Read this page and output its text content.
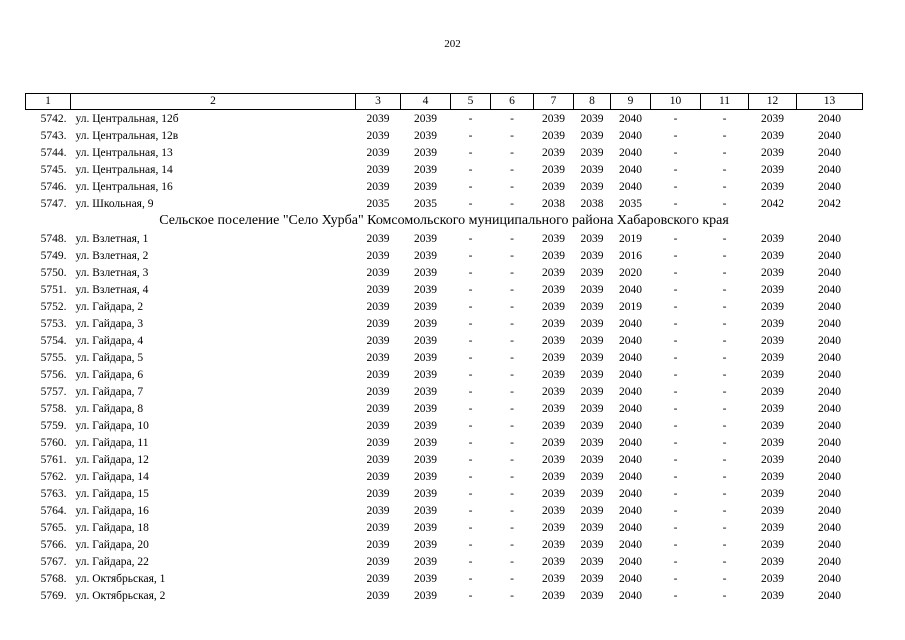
202
1	2	3	4	5	6	7	8	9	10	11	12	13
5742.	ул. Центральная, 12б	2039	2039	-	-	2039	2039	2040	-	-	2039	2040
5743.	ул. Центральная, 12в	2039	2039	-	-	2039	2039	2040	-	-	2039	2040
5744.	ул. Центральная, 13	2039	2039	-	-	2039	2039	2040	-	-	2039	2040
5745.	ул. Центральная, 14	2039	2039	-	-	2039	2039	2040	-	-	2039	2040
5746.	ул. Центральная, 16	2039	2039	-	-	2039	2039	2040	-	-	2039	2040
5747.	ул. Школьная, 9	2035	2035	-	-	2038	2038	2035	-	-	2042	2042
Сельское поселение "Село Хурба" Комсомольского муниципального района Хабаровского края												
5748.	ул. Взлетная, 1	2039	2039	-	-	2039	2039	2019	-	-	2039	2040
5749.	ул. Взлетная, 2	2039	2039	-	-	2039	2039	2016	-	-	2039	2040
5750.	ул. Взлетная, 3	2039	2039	-	-	2039	2039	2020	-	-	2039	2040
5751.	ул. Взлетная, 4	2039	2039	-	-	2039	2039	2040	-	-	2039	2040
5752.	ул. Гайдара, 2	2039	2039	-	-	2039	2039	2019	-	-	2039	2040
5753.	ул. Гайдара, 3	2039	2039	-	-	2039	2039	2040	-	-	2039	2040
5754.	ул. Гайдара, 4	2039	2039	-	-	2039	2039	2040	-	-	2039	2040
5755.	ул. Гайдара, 5	2039	2039	-	-	2039	2039	2040	-	-	2039	2040
5756.	ул. Гайдара, 6	2039	2039	-	-	2039	2039	2040	-	-	2039	2040
5757.	ул. Гайдара, 7	2039	2039	-	-	2039	2039	2040	-	-	2039	2040
5758.	ул. Гайдара, 8	2039	2039	-	-	2039	2039	2040	-	-	2039	2040
5759.	ул. Гайдара, 10	2039	2039	-	-	2039	2039	2040	-	-	2039	2040
5760.	ул. Гайдара, 11	2039	2039	-	-	2039	2039	2040	-	-	2039	2040
5761.	ул. Гайдара, 12	2039	2039	-	-	2039	2039	2040	-	-	2039	2040
5762.	ул. Гайдара, 14	2039	2039	-	-	2039	2039	2040	-	-	2039	2040
5763.	ул. Гайдара, 15	2039	2039	-	-	2039	2039	2040	-	-	2039	2040
5764.	ул. Гайдара, 16	2039	2039	-	-	2039	2039	2040	-	-	2039	2040
5765.	ул. Гайдара, 18	2039	2039	-	-	2039	2039	2040	-	-	2039	2040
5766.	ул. Гайдара, 20	2039	2039	-	-	2039	2039	2040	-	-	2039	2040
5767.	ул. Гайдара, 22	2039	2039	-	-	2039	2039	2040	-	-	2039	2040
5768.	ул. Октябрьская, 1	2039	2039	-	-	2039	2039	2040	-	-	2039	2040
5769.	ул. Октябрьская, 2	2039	2039	-	-	2039	2039	2040	-	-	2039	2040
